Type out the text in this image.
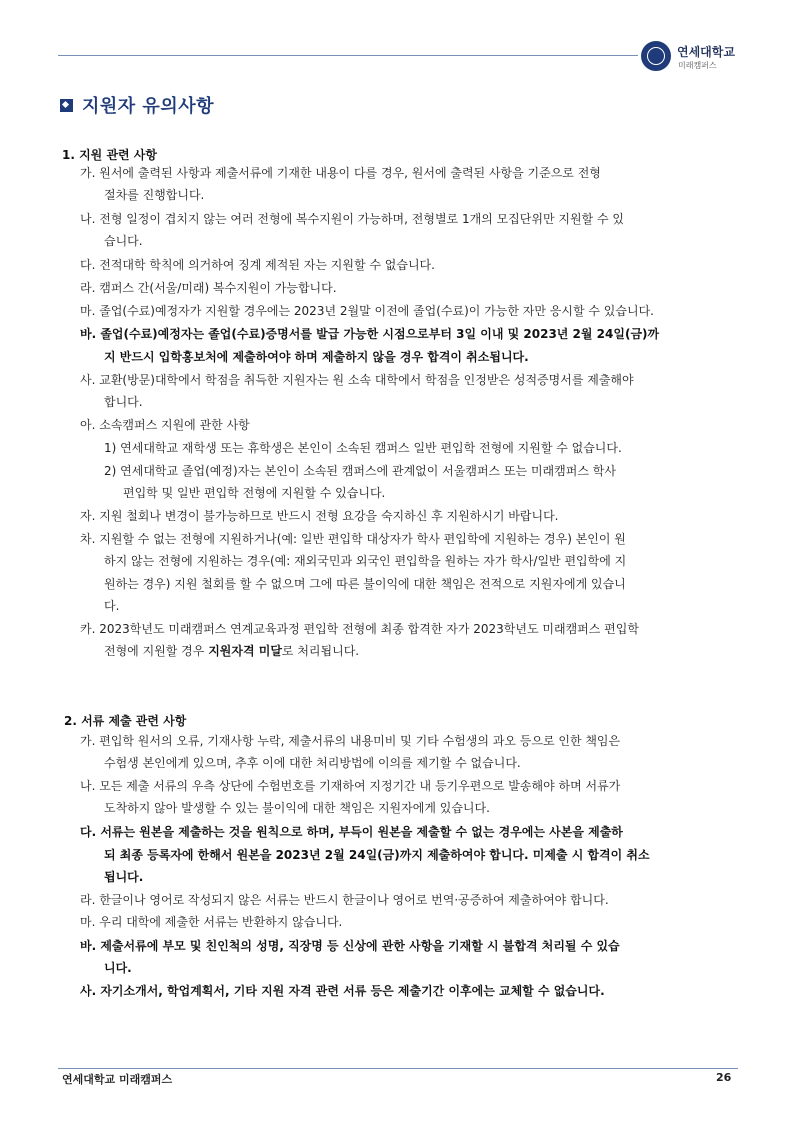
연세대학교
미래캠퍼스
지원자 유의사항
1. 지원 관련 사항
가. 원서에 출력된 사항과 제출서류에 기재한 내용이 다를 경우, 원서에 출력된 사항을 기준으로 전형
절차를 진행합니다.
나. 전형 일정이 겹치지 않는 여러 전형에 복수지원이 가능하며, 전형별로 1개의 모집단위만 지원할 수 있
습니다.
다. 전적대학 학칙에 의거하여 징계 제적된 자는 지원할 수 없습니다.
라. 캠퍼스 간(서울/미래) 복수지원이 가능합니다.
마. 졸업(수료)예정자가 지원할 경우에는 2023년 2월말 이전에 졸업(수료)이 가능한 자만 응시할 수 있습니다.
바. 졸업(수료)예정자는 졸업(수료)증명서를 발급 가능한 시점으로부터 3일 이내 및 2023년 2월 24일(금)까
지 반드시 입학홍보처에 제출하여야 하며 제출하지 않을 경우 합격이 취소됩니다.
사. 교환(방문)대학에서 학점을 취득한 지원자는 원 소속 대학에서 학점을 인정받은 성적증명서를 제출해야
합니다.
아. 소속캠퍼스 지원에 관한 사항
1) 연세대학교 재학생 또는 휴학생은 본인이 소속된 캠퍼스 일반 편입학 전형에 지원할 수 없습니다.
2) 연세대학교 졸업(예정)자는 본인이 소속된 캠퍼스에 관계없이 서울캠퍼스 또는 미래캠퍼스 학사
편입학 및 일반 편입학 전형에 지원할 수 있습니다.
자. 지원 철회나 변경이 불가능하므로 반드시 전형 요강을 숙지하신 후 지원하시기 바랍니다.
차. 지원할 수 없는 전형에 지원하거나(예: 일반 편입학 대상자가 학사 편입학에 지원하는 경우) 본인이 원
하지 않는 전형에 지원하는 경우(예: 재외국민과 외국인 편입학을 원하는 자가 학사/일반 편입학에 지
원하는 경우) 지원 철회를 할 수 없으며 그에 따른 불이익에 대한 책임은 전적으로 지원자에게 있습니
다.
카. 2023학년도 미래캠퍼스 연계교육과정 편입학 전형에 최종 합격한 자가 2023학년도 미래캠퍼스 편입학
전형에 지원할 경우 지원자격 미달로 처리됩니다.
2. 서류 제출 관련 사항
가. 편입학 원서의 오류, 기재사항 누락, 제출서류의 내용미비 및 기타 수험생의 과오 등으로 인한 책임은
수험생 본인에게 있으며, 추후 이에 대한 처리방법에 이의를 제기할 수 없습니다.
나. 모든 제출 서류의 우측 상단에 수험번호를 기재하여 지정기간 내 등기우편으로 발송해야 하며 서류가
도착하지 않아 발생할 수 있는 불이익에 대한 책임은 지원자에게 있습니다.
다. 서류는 원본을 제출하는 것을 원칙으로 하며, 부득이 원본을 제출할 수 없는 경우에는 사본을 제출하
되 최종 등록자에 한해서 원본을 2023년 2월 24일(금)까지 제출하여야 합니다. 미제출 시 합격이 취소
됩니다.
라. 한글이나 영어로 작성되지 않은 서류는 반드시 한글이나 영어로 번역·공증하여 제출하여야 합니다.
마. 우리 대학에 제출한 서류는 반환하지 않습니다.
바. 제출서류에 부모 및 친인척의 성명, 직장명 등 신상에 관한 사항을 기재할 시 불합격 처리될 수 있습
니다.
사. 자기소개서, 학업계획서, 기타 지원 자격 관련 서류 등은 제출기간 이후에는 교체할 수 없습니다.
연세대학교 미래캠퍼스	26
